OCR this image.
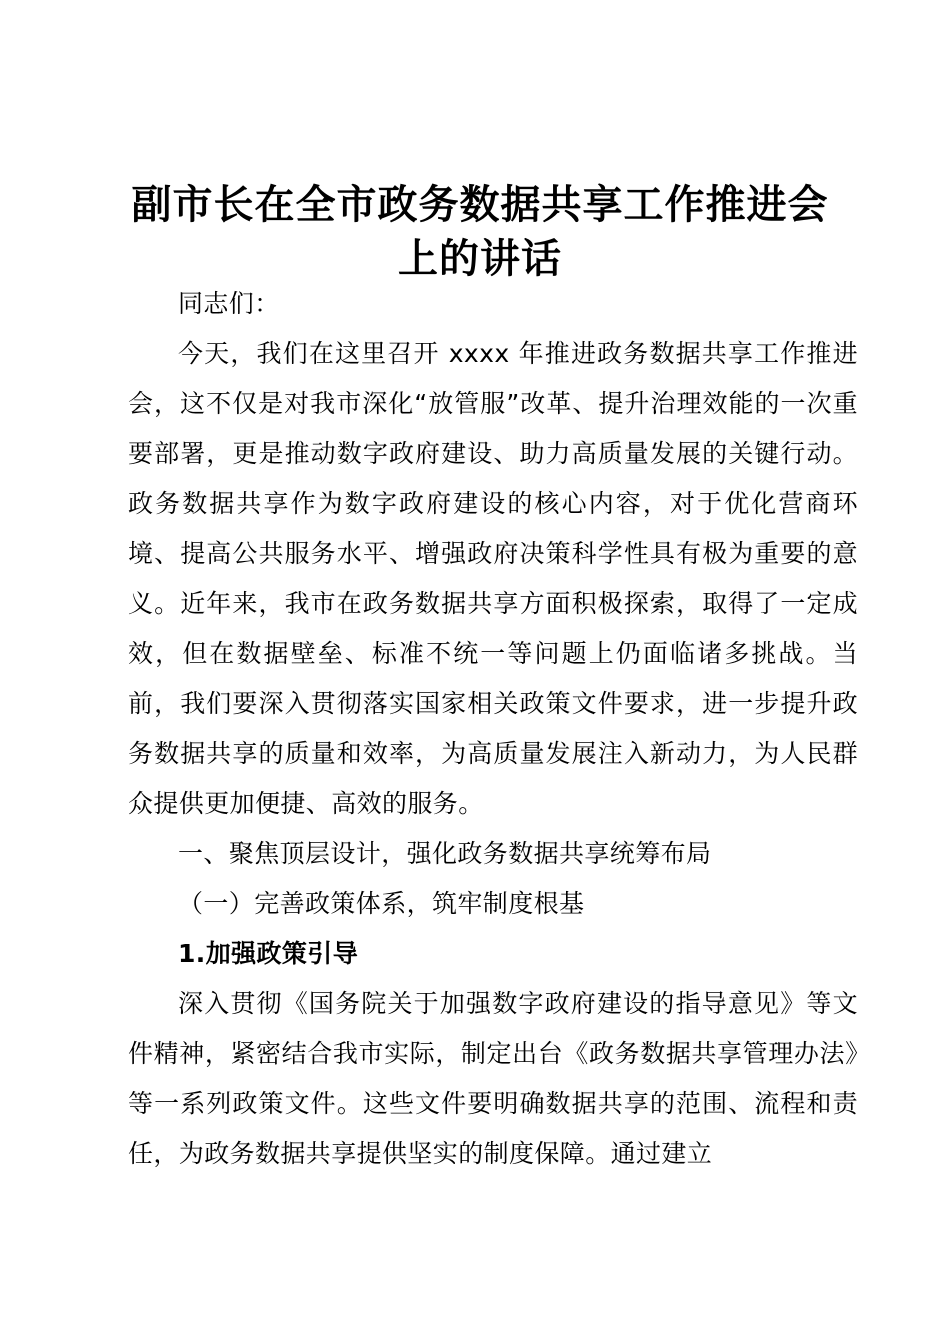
副市长在全市政务数据共享工作推进会
上的讲话

同志们：

今天，我们在这里召开 xxxx 年推进政务数据共享工作推进会，这不仅是对我市深化“放管服”改革、提升治理效能的一次重要部署，更是推动数字政府建设、助力高质量发展的关键行动。政务数据共享作为数字政府建设的核心内容，对于优化营商环境、提高公共服务水平、增强政府决策科学性具有极为重要的意义。近年来，我市在政务数据共享方面积极探索，取得了一定成效，但在数据壁垒、标准不统一等问题上仍面临诸多挑战。当前，我们要深入贯彻落实国家相关政策文件要求，进一步提升政务数据共享的质量和效率，为高质量发展注入新动力，为人民群众提供更加便捷、高效的服务。

一、聚焦顶层设计，强化政务数据共享统筹布局

（一）完善政策体系，筑牢制度根基

1.加强政策引导

深入贯彻《国务院关于加强数字政府建设的指导意见》等文件精神，紧密结合我市实际，制定出台《政务数据共享管理办法》等一系列政策文件。这些文件要明确数据共享的范围、流程和责任，为政务数据共享提供坚实的制度保障。通过建立
